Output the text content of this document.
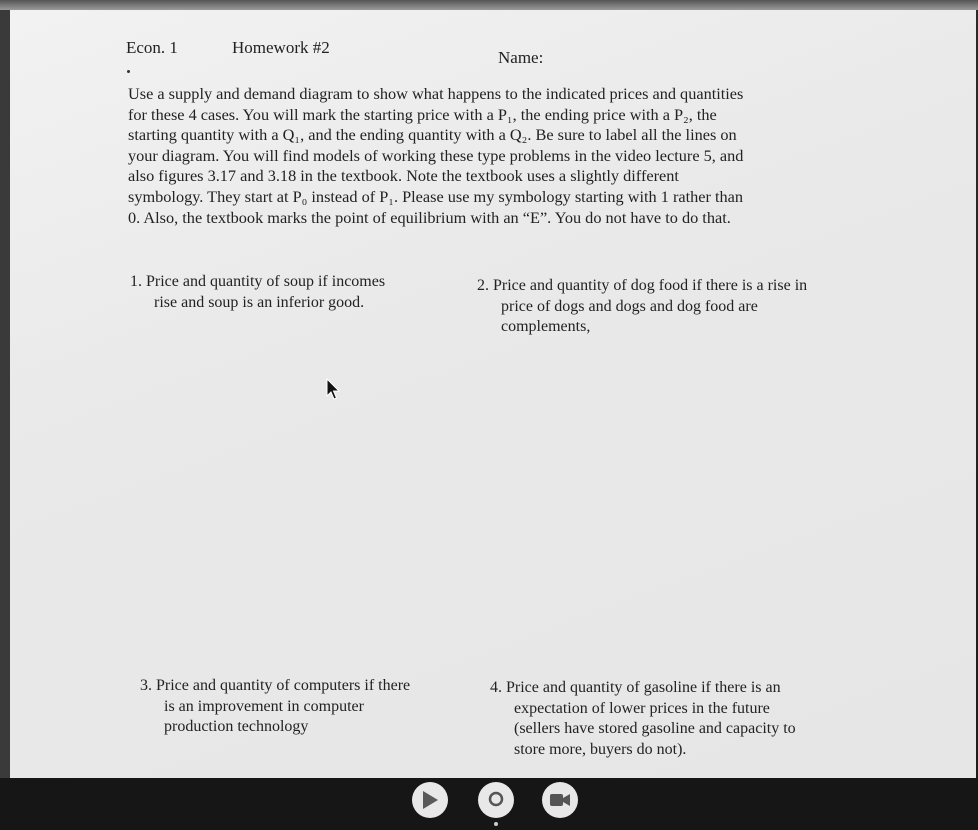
Econ. 1	Homework #2
Name:

Use a supply and demand diagram to show what happens to the indicated prices and quantities
for these 4 cases. You will mark the starting price with a P₁, the ending price with a P₂, the
starting quantity with a Q₁, and the ending quantity with a Q₂. Be sure to label all the lines on
your diagram. You will find models of working these type problems in the video lecture 5, and
also figures 3.17 and 3.18 in the textbook. Note the textbook uses a slightly different
symbology. They start at P₀ instead of P₁. Please use my symbology starting with 1 rather than
0. Also, the textbook marks the point of equilibrium with an “E”. You do not have to do that.

1. Price and quantity of soup if incomes
rise and soup is an inferior good.
2. Price and quantity of dog food if there is a rise in
price of dogs and dogs and dog food are
complements,
3. Price and quantity of computers if there
is an improvement in computer
production technology
4. Price and quantity of gasoline if there is an
expectation of lower prices in the future
(sellers have stored gasoline and capacity to
store more, buyers do not).
